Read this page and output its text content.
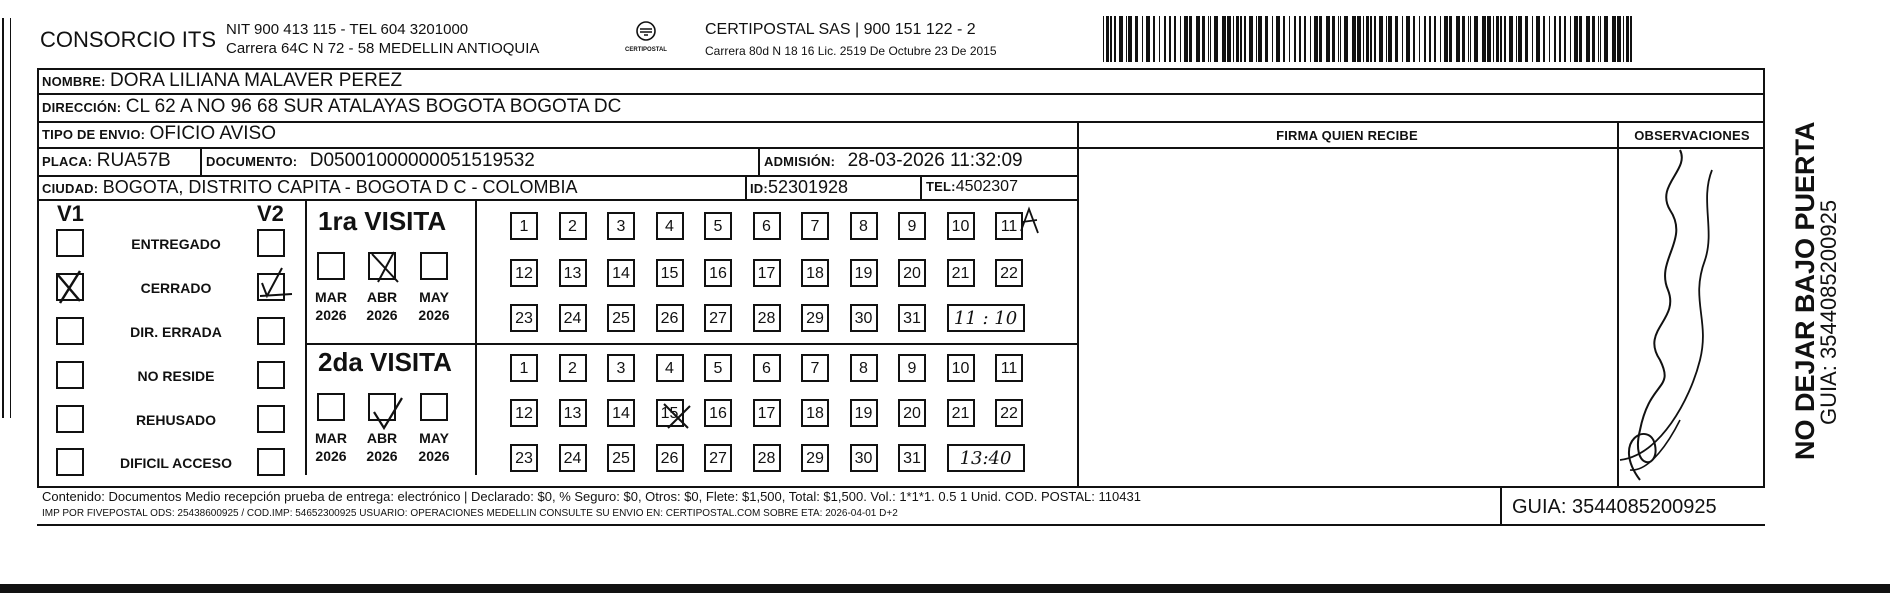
CONSORCIO ITS NIT 900 413 115 - TEL 604 3201000
Carrera 64C N 72 - 58 MEDELLIN ANTIOQUIA	CERTIPOSTAL
CERTIPOSTAL SAS | 900 151 122 - 2
Carrera 80d N 18 16 Lic. 2519 De Octubre 23 De 2015
NOMBRE: DORA LILIANA MALAVER PEREZ
DIRECCIÓN: CL 62 A NO 96 68 SUR ATALAYAS BOGOTA BOGOTA DC
TIPO DE ENVIO: OFICIO AVISO	FIRMA QUIEN RECIBE	OBSERVACIONES
PLACA: RUA57B	DOCUMENTO: D05001000000051519532	ADMISIÓN: 28-03-2026 11:32:09
CIUDAD: BOGOTA, DISTRITO CAPITA - BOGOTA D C - COLOMBIA	ID:52301928	TEL:4502307
V1	V2
ENTREGADO
CERRADO
DIR. ERRADA
NO RESIDE
REHUSADO
DIFICIL ACCESO
1ra VISITA
2da VISITA
MAR
2026
ABR
2026
MAY
2026
MAR
2026
ABR
2026
MAY
2026
1	2	3	4	5	6	7	8	9	10	11
12	13	14	15	16	17	18	19	20	21	22
23	24	25	26	27	28	29	30	31	11 : 10
1	2	3	4	5	6	7	8	9	10	11
12	13	14	15	16	17	18	19	20	21	22
23	24	25	26	27	28	29	30	31	13:40
Contenido: Documentos Medio recepción prueba de entrega: electrónico | Declarado: $0, % Seguro: $0, Otros: $0, Flete: $1,500, Total: $1,500. Vol.: 1*1*1. 0.5 1 Unid. COD. POSTAL: 110431
IMP POR FIVEPOSTAL ODS: 25438600925 / COD.IMP: 54652300925 USUARIO: OPERACIONES MEDELLIN CONSULTE SU ENVIO EN: CERTIPOSTAL.COM SOBRE ETA: 2026-04-01 D+2	GUIA: 3544085200925
NO DEJAR BAJO PUERTA
GUIA: 3544085200925
